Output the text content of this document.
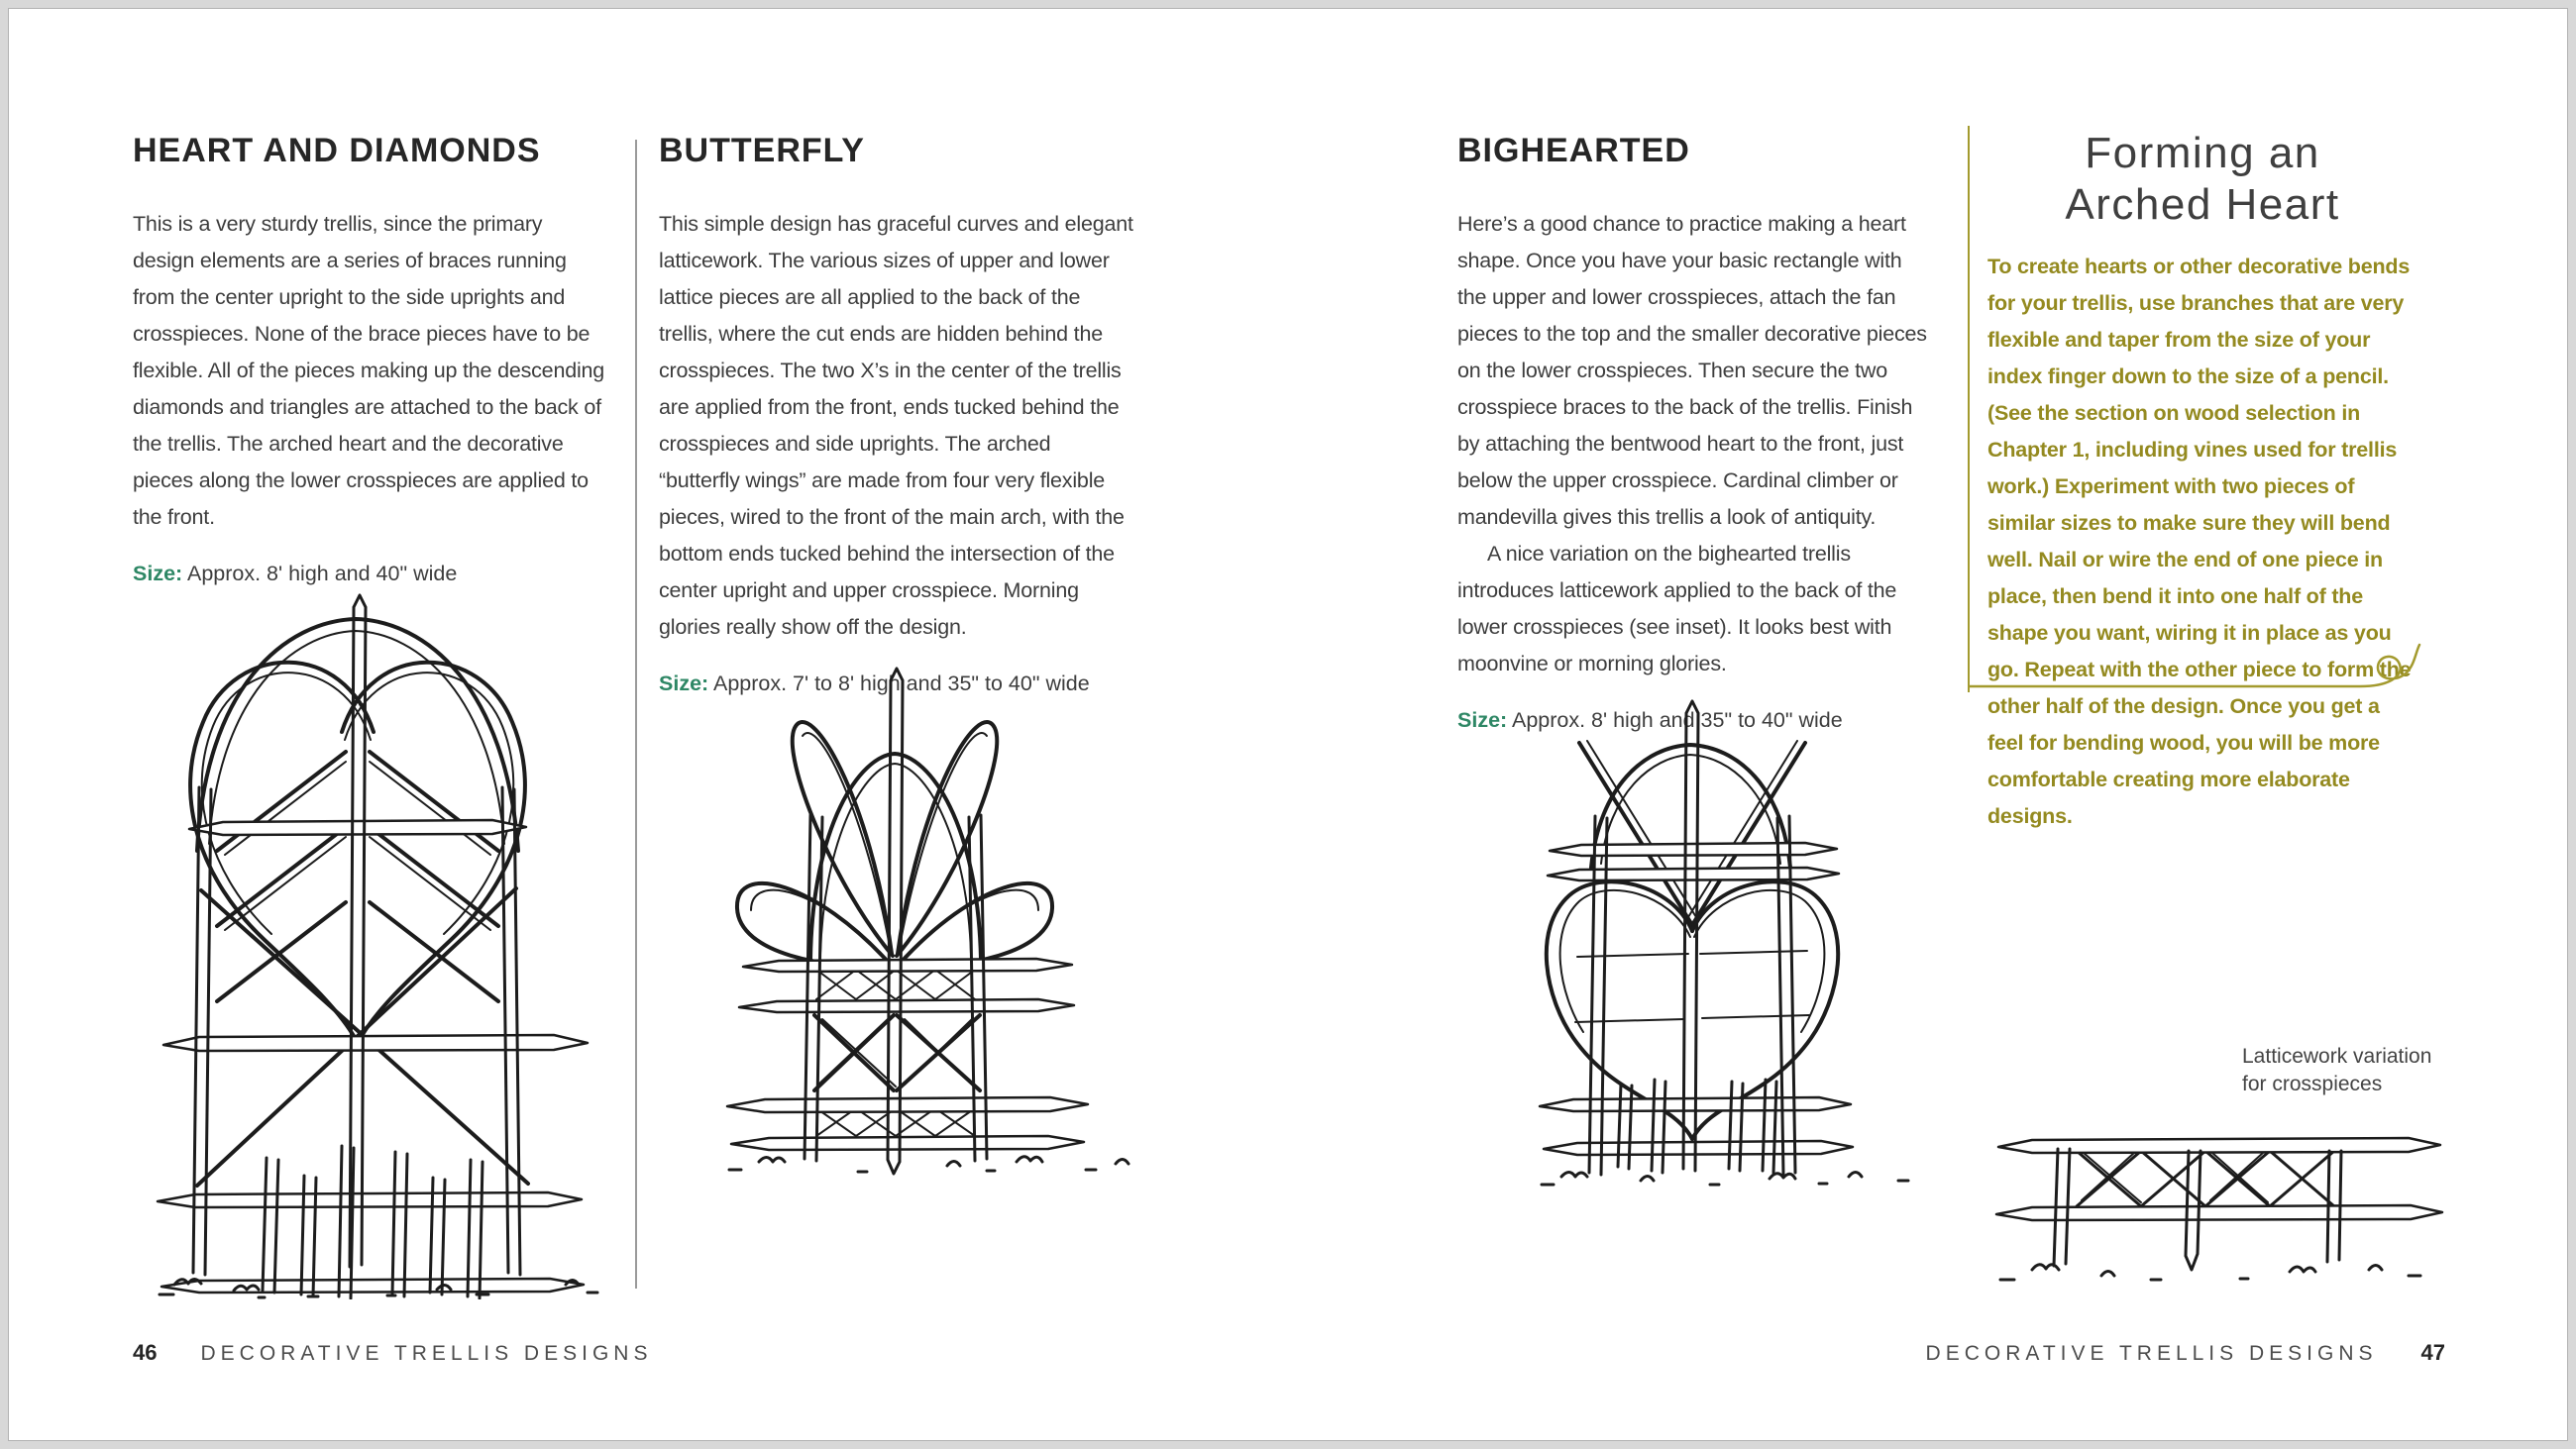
HEART AND DIAMONDS

This is a very sturdy trellis, since the primary design elements are a series of braces running from the center upright to the side uprights and crosspieces. None of the brace pieces have to be flexible. All of the pieces making up the descending diamonds and triangles are attached to the back of the trellis. The arched heart and the decorative pieces along the lower crosspieces are applied to the front.

Size: Approx. 8' high and 40" wide
BUTTERFLY

This simple design has graceful curves and elegant latticework. The various sizes of upper and lower lattice pieces are all applied to the back of the trellis, where the cut ends are hidden behind the crosspieces. The two X’s in the center of the trellis are applied from the front, ends tucked behind the crosspieces and side uprights. The arched “butterfly wings” are made from four very flexible pieces, wired to the front of the main arch, with the bottom ends tucked behind the intersection of the center upright and upper crosspiece. Morning glories really show off the design.

Size: Approx. 7' to 8' high and 35" to 40" wide
46 DECORATIVE TRELLIS DESIGNS
BIGHEARTED

Here’s a good chance to practice making a heart shape. Once you have your basic rectangle with the upper and lower crosspieces, attach the fan pieces to the top and the smaller decorative pieces on the lower crosspieces. Then secure the two crosspiece braces to the back of the trellis. Finish by attaching the bentwood heart to the front, just below the upper crosspiece. Cardinal climber or mandevilla gives this trellis a look of antiquity.

A nice variation on the bighearted trellis introduces latticework applied to the back of the lower crosspieces (see inset). It looks best with moonvine or morning glories.

Size: Approx. 8' high and 35" to 40" wide
Forming an
Arched Heart

To create hearts or other decorative bends for your trellis, use branches that are very flexible and taper from the size of your index finger down to the size of a pencil. (See the section on wood selection in Chapter 1, including vines used for trellis work.) Experiment with two pieces of similar sizes to make sure they will bend well. Nail or wire the end of one piece in place, then bend it into one half of the shape you want, wiring it in place as you go. Repeat with the other piece to form the other half of the design. Once you get a feel for bending wood, you will be more comfortable creating more elaborate designs.

Latticework variation
for crosspieces
DECORATIVE TRELLIS DESIGNS 47
